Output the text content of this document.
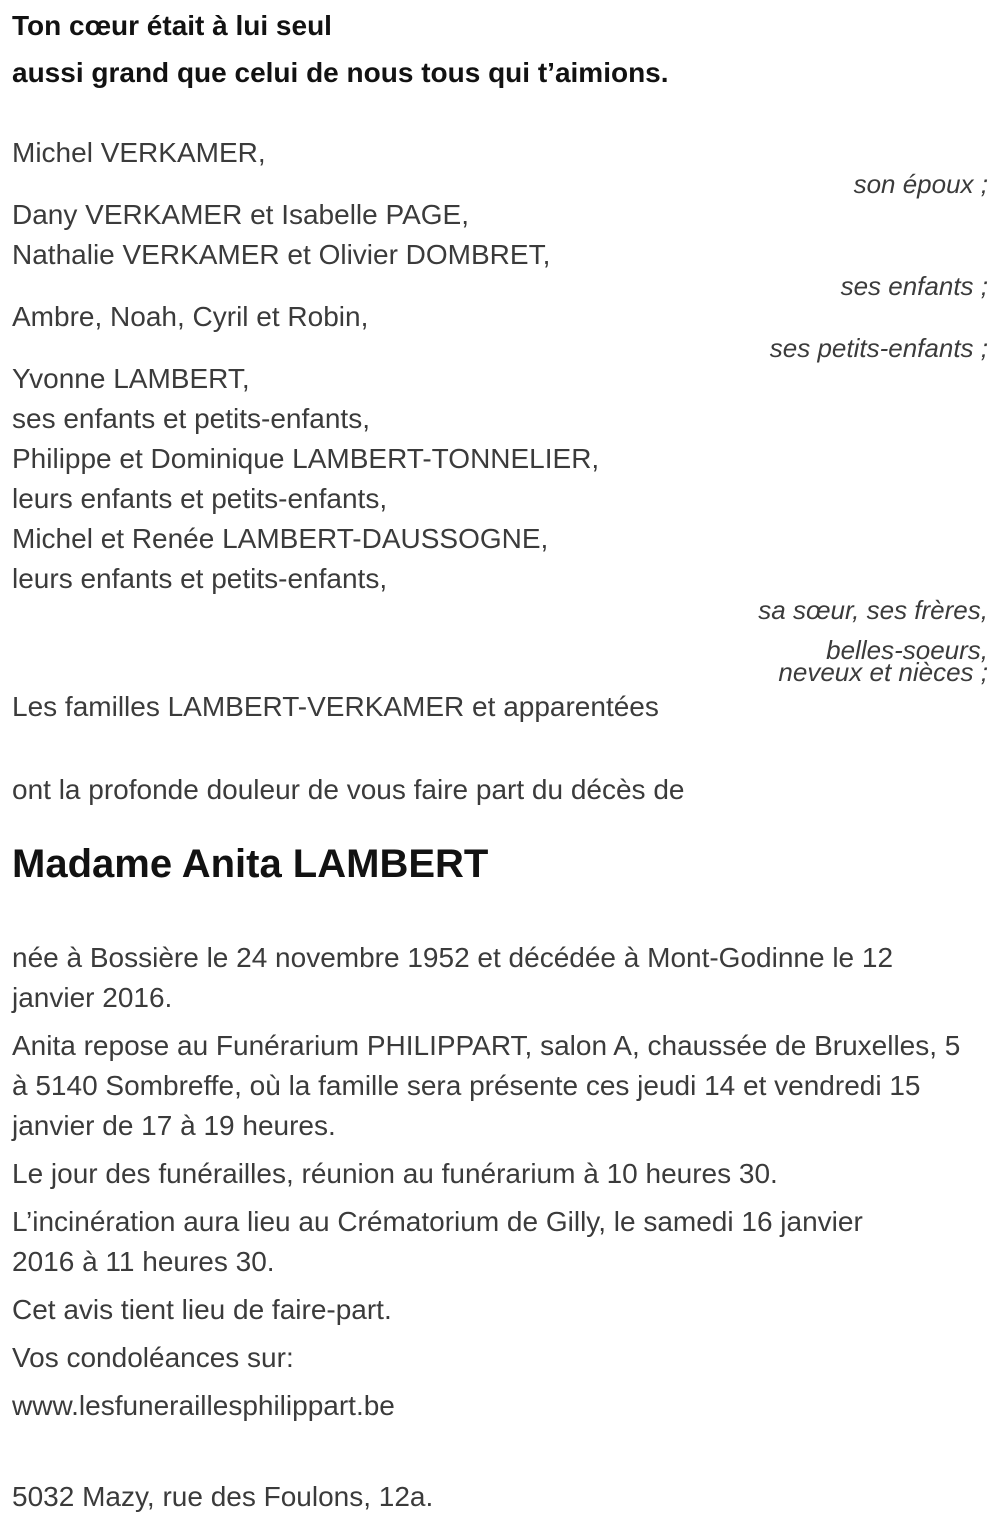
Ton cœur était à lui seul
aussi grand que celui de nous tous qui t’aimions.
Michel VERKAMER,
son époux ;
Dany VERKAMER et Isabelle PAGE,
Nathalie VERKAMER et Olivier DOMBRET,
ses enfants ;
Ambre, Noah, Cyril et Robin,
ses petits-enfants ;
Yvonne LAMBERT,
ses enfants et petits-enfants,
Philippe et Dominique LAMBERT-TONNELIER,
leurs enfants et petits-enfants,
Michel et Renée LAMBERT-DAUSSOGNE,
leurs enfants et petits-enfants,
sa sœur, ses frères,
belles-soeurs,
neveux et nièces ;
Les familles LAMBERT-VERKAMER et apparentées
ont la profonde douleur de vous faire part du décès de
Madame Anita LAMBERT
née à Bossière le 24 novembre 1952 et décédée à Mont-Godinne le 12
janvier 2016.
Anita repose au Funérarium PHILIPPART, salon A, chaussée de Bruxelles, 5
à 5140 Sombreffe, où la famille sera présente ces jeudi 14 et vendredi 15
janvier de 17 à 19 heures.
Le jour des funérailles, réunion au funérarium à 10 heures 30.
L’incinération aura lieu au Crématorium de Gilly, le samedi 16 janvier
2016 à 11 heures 30.
Cet avis tient lieu de faire-part.
Vos condoléances sur:
www.lesfuneraillesphilippart.be
5032 Mazy, rue des Foulons, 12a.
